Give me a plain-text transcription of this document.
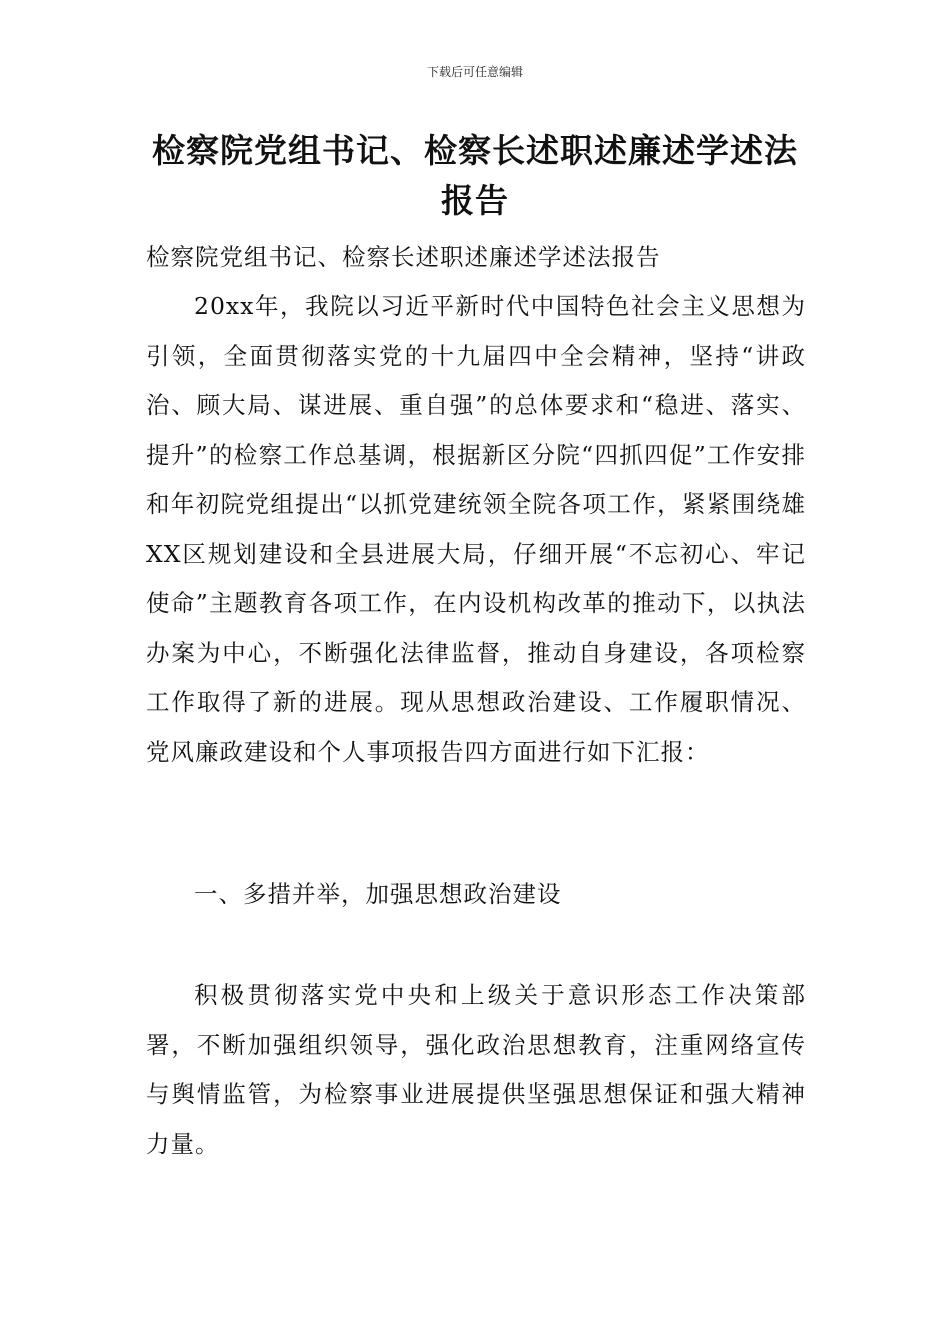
下载后可任意编辑
检察院党组书记、检察长述职述廉述学述法报告
检察院党组书记、检察长述职述廉述学述法报告
20xx年，我院以习近平新时代中国特色社会主义思想为引领，全面贯彻落实党的十九届四中全会精神，坚持“讲政治、顾大局、谋进展、重自强”的总体要求和“稳进、落实、提升”的检察工作总基调，根据新区分院“四抓四促”工作安排和年初院党组提出“以抓党建统领全院各项工作，紧紧围绕雄XX区规划建设和全县进展大局，仔细开展“不忘初心、牢记使命”主题教育各项工作，在内设机构改革的推动下，以执法办案为中心，不断强化法律监督，推动自身建设，各项检察工作取得了新的进展。现从思想政治建设、工作履职情况、党风廉政建设和个人事项报告四方面进行如下汇报：
一、多措并举，加强思想政治建设
积极贯彻落实党中央和上级关于意识形态工作决策部署，不断加强组织领导，强化政治思想教育，注重网络宣传与舆情监管，为检察事业进展提供坚强思想保证和强大精神力量。
